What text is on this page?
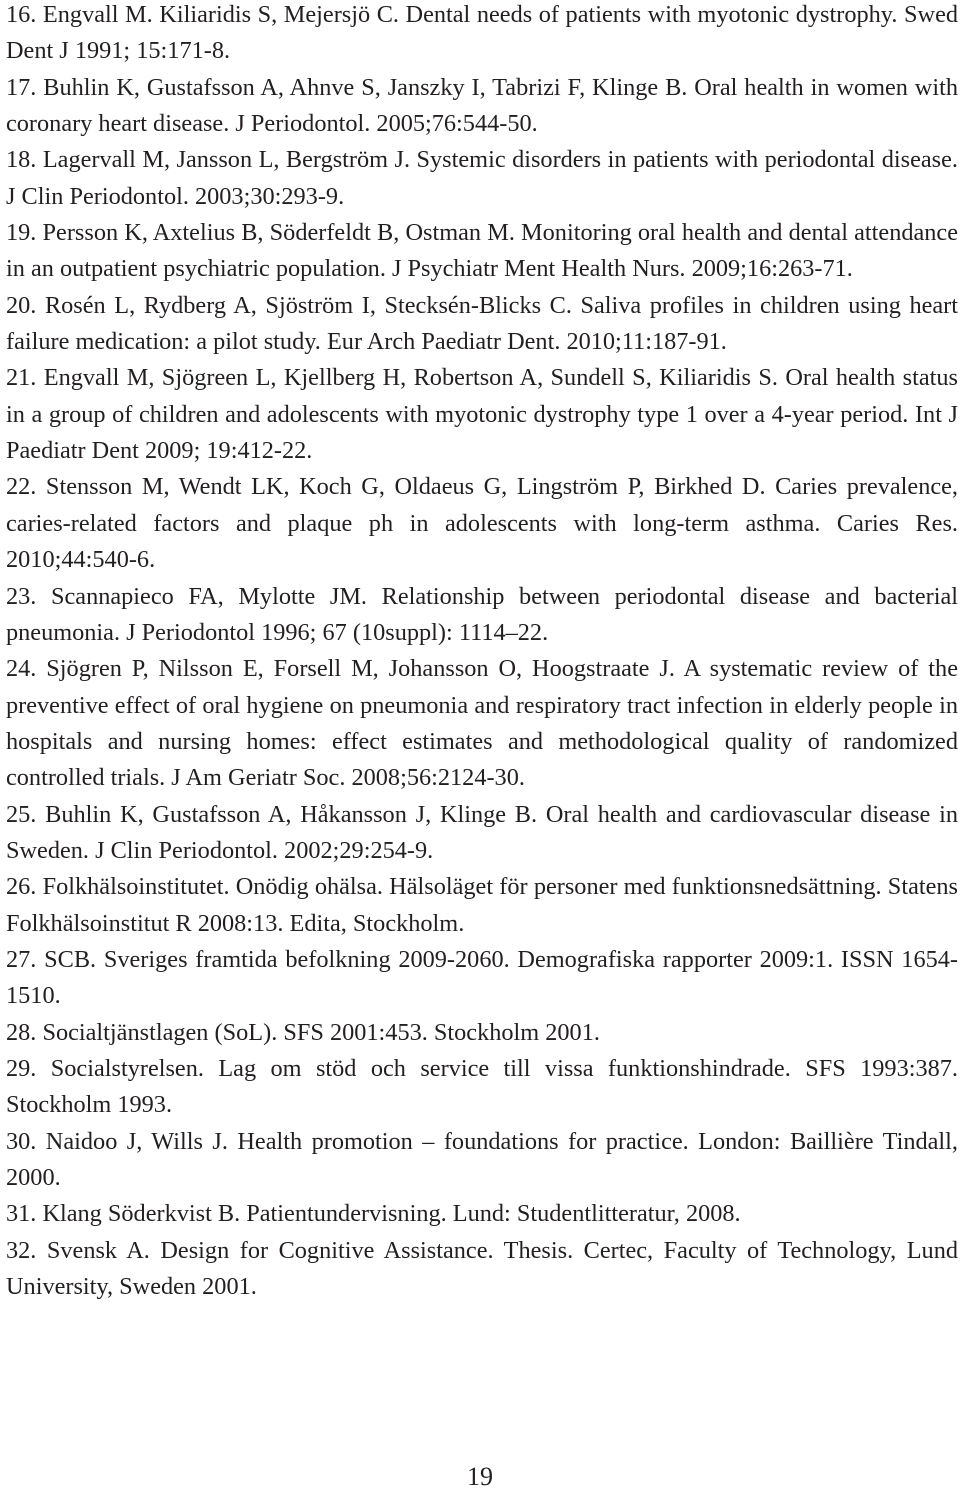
16. Engvall M. Kiliaridis S, Mejersjö C. Dental needs of patients with myotonic dystrophy. Swed Dent J 1991; 15:171-8.
17. Buhlin K, Gustafsson A, Ahnve S, Janszky I, Tabrizi F, Klinge B. Oral health in women with coronary heart disease. J Periodontol. 2005;76:544-50.
18. Lagervall M, Jansson L, Bergström J. Systemic disorders in patients with periodontal disease. J Clin Periodontol. 2003;30:293-9.
19. Persson K, Axtelius B, Söderfeldt B, Ostman M. Monitoring oral health and dental attendance in an outpatient psychiatric population. J Psychiatr Ment Health Nurs. 2009;16:263-71.
20. Rosén L, Rydberg A, Sjöström I, Stecksén-Blicks C. Saliva profiles in children using heart failure medication: a pilot study. Eur Arch Paediatr Dent. 2010;11:187-91.
21. Engvall M, Sjögreen L, Kjellberg H, Robertson A, Sundell S, Kiliaridis S. Oral health status in a group of children and adolescents with myotonic dystrophy type 1 over a 4-year period. Int J Paediatr Dent 2009; 19:412-22.
22. Stensson M, Wendt LK, Koch G, Oldaeus G, Lingström P, Birkhed D. Caries prevalence, caries-related factors and plaque ph in adolescents with long-term asthma. Caries Res. 2010;44:540-6.
23. Scannapieco FA, Mylotte JM. Relationship between periodontal disease and bacterial pneumonia. J Periodontol 1996; 67 (10suppl): 1114–22.
24. Sjögren P, Nilsson E, Forsell M, Johansson O, Hoogstraate J. A systematic review of the preventive effect of oral hygiene on pneumonia and respiratory tract infection in elderly people in hospitals and nursing homes: effect estimates and methodological quality of randomized controlled trials. J Am Geriatr Soc. 2008;56:2124-30.
25. Buhlin K, Gustafsson A, Håkansson J, Klinge B. Oral health and cardiovascular disease in Sweden. J Clin Periodontol. 2002;29:254-9.
26. Folkhälsoinstitutet. Onödig ohälsa. Hälsoläget för personer med funktionsnedsättning. Statens Folkhälsoinstitut R 2008:13. Edita, Stockholm.
27. SCB. Sveriges framtida befolkning 2009-2060. Demografiska rapporter 2009:1. ISSN 1654-1510.
28. Socialtjänstlagen (SoL). SFS 2001:453. Stockholm 2001.
29. Socialstyrelsen. Lag om stöd och service till vissa funktionshindrade. SFS 1993:387. Stockholm 1993.
30. Naidoo J, Wills J. Health promotion – foundations for practice. London: Baillière Tindall, 2000.
31. Klang Söderkvist B. Patientundervisning. Lund: Studentlitteratur, 2008.
32. Svensk A. Design for Cognitive Assistance. Thesis. Certec, Faculty of Technology, Lund University, Sweden 2001.
19
